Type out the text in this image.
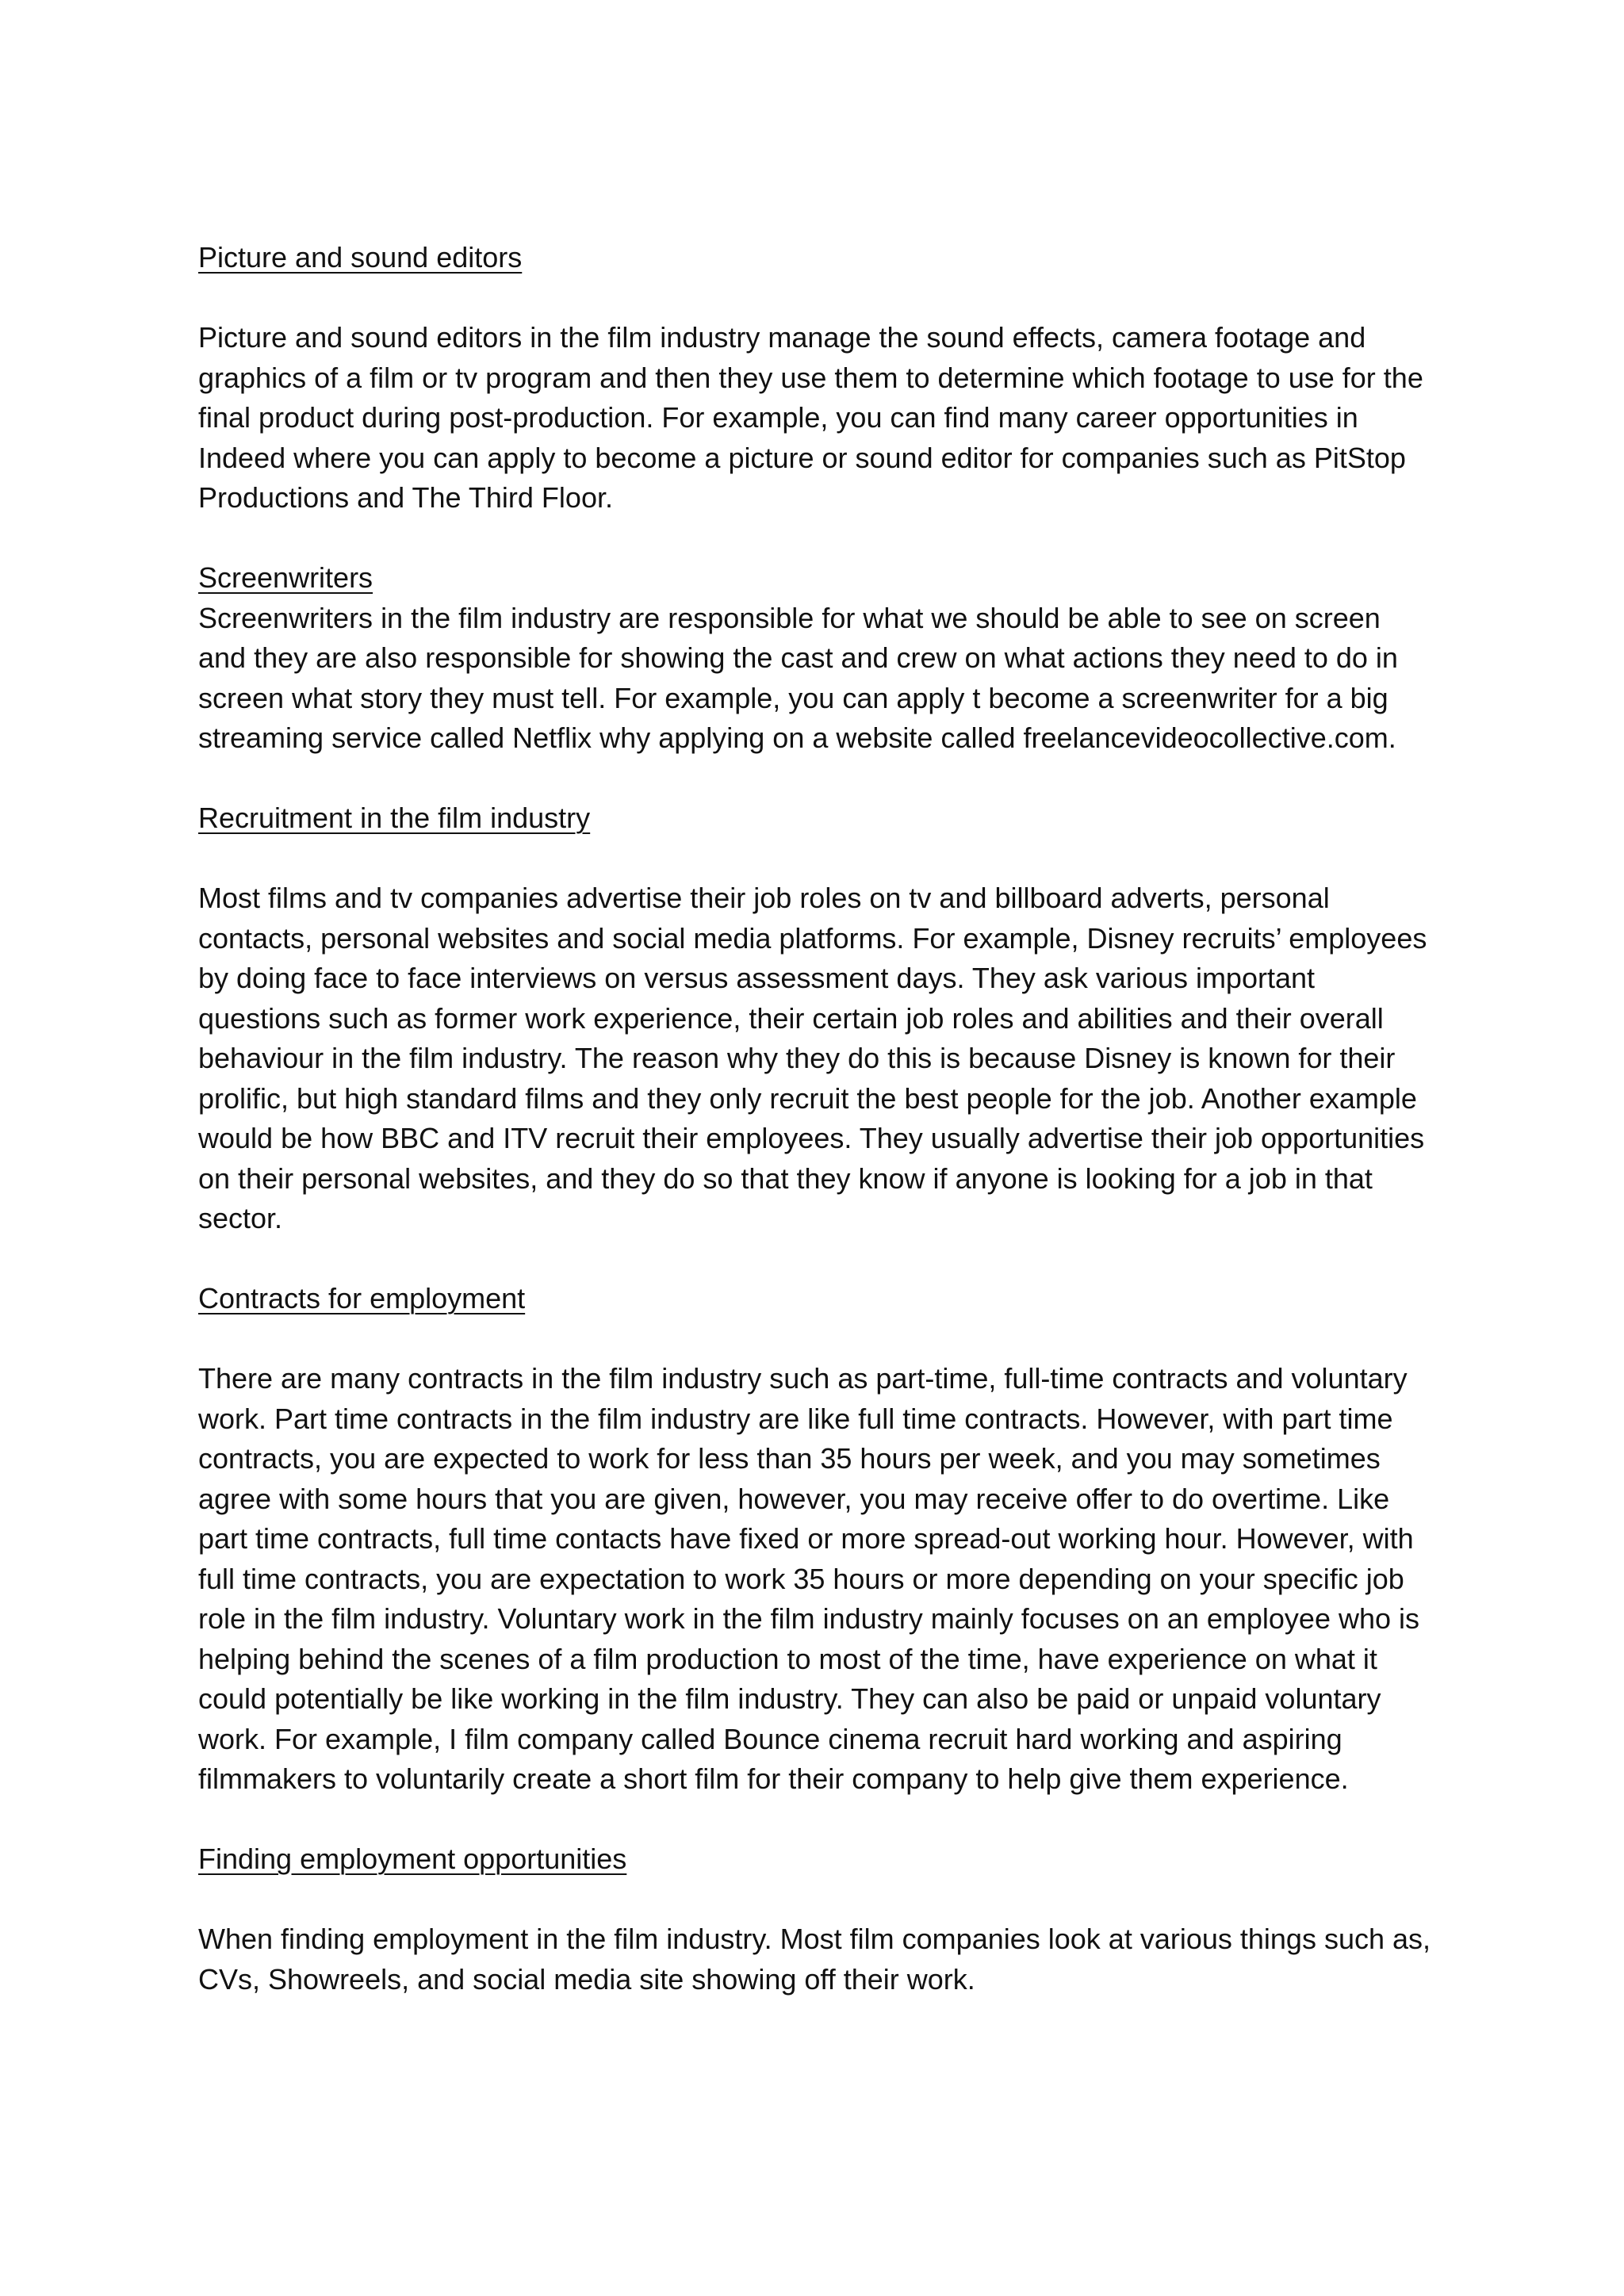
Picture and sound editors

Picture and sound editors in the film industry manage the sound effects, camera footage and graphics of a film or tv program and then they use them to determine which footage to use for the final product during post-production. For example, you can find many career opportunities in Indeed where you can apply to become a picture or sound editor for companies such as PitStop Productions and The Third Floor.

Screenwriters

Screenwriters in the film industry are responsible for what we should be able to see on screen and they are also responsible for showing the cast and crew on what actions they need to do in screen what story they must tell. For example, you can apply t become a screenwriter for a big streaming service called Netflix why applying on a website called freelancevideocollective.com.

Recruitment in the film industry

Most films and tv companies advertise their job roles on tv and billboard adverts, personal contacts, personal websites and social media platforms. For example, Disney recruits’ employees by doing face to face interviews on versus assessment days. They ask various important questions such as former work experience, their certain job roles and abilities and their overall behaviour in the film industry. The reason why they do this is because Disney is known for their prolific, but high standard films and they only recruit the best people for the job. Another example would be how BBC and ITV recruit their employees. They usually advertise their job opportunities on their personal websites, and they do so that they know if anyone is looking for a job in that sector.

Contracts for employment

There are many contracts in the film industry such as part-time, full-time contracts and voluntary work. Part time contracts in the film industry are like full time contracts. However, with part time contracts, you are expected to work for less than 35 hours per week, and you may sometimes agree with some hours that you are given, however, you may receive offer to do overtime. Like part time contracts, full time contacts have fixed or more spread-out working hour. However, with full time contracts, you are expectation to work 35 hours or more depending on your specific job role in the film industry. Voluntary work in the film industry mainly focuses on an employee who is helping behind the scenes of a film production to most of the time, have experience on what it could potentially be like working in the film industry. They can also be paid or unpaid voluntary work. For example, I film company called Bounce cinema recruit hard working and aspiring filmmakers to voluntarily create a short film for their company to help give them experience.

Finding employment opportunities

When finding employment in the film industry. Most film companies look at various things such as, CVs, Showreels, and social media site showing off their work.
